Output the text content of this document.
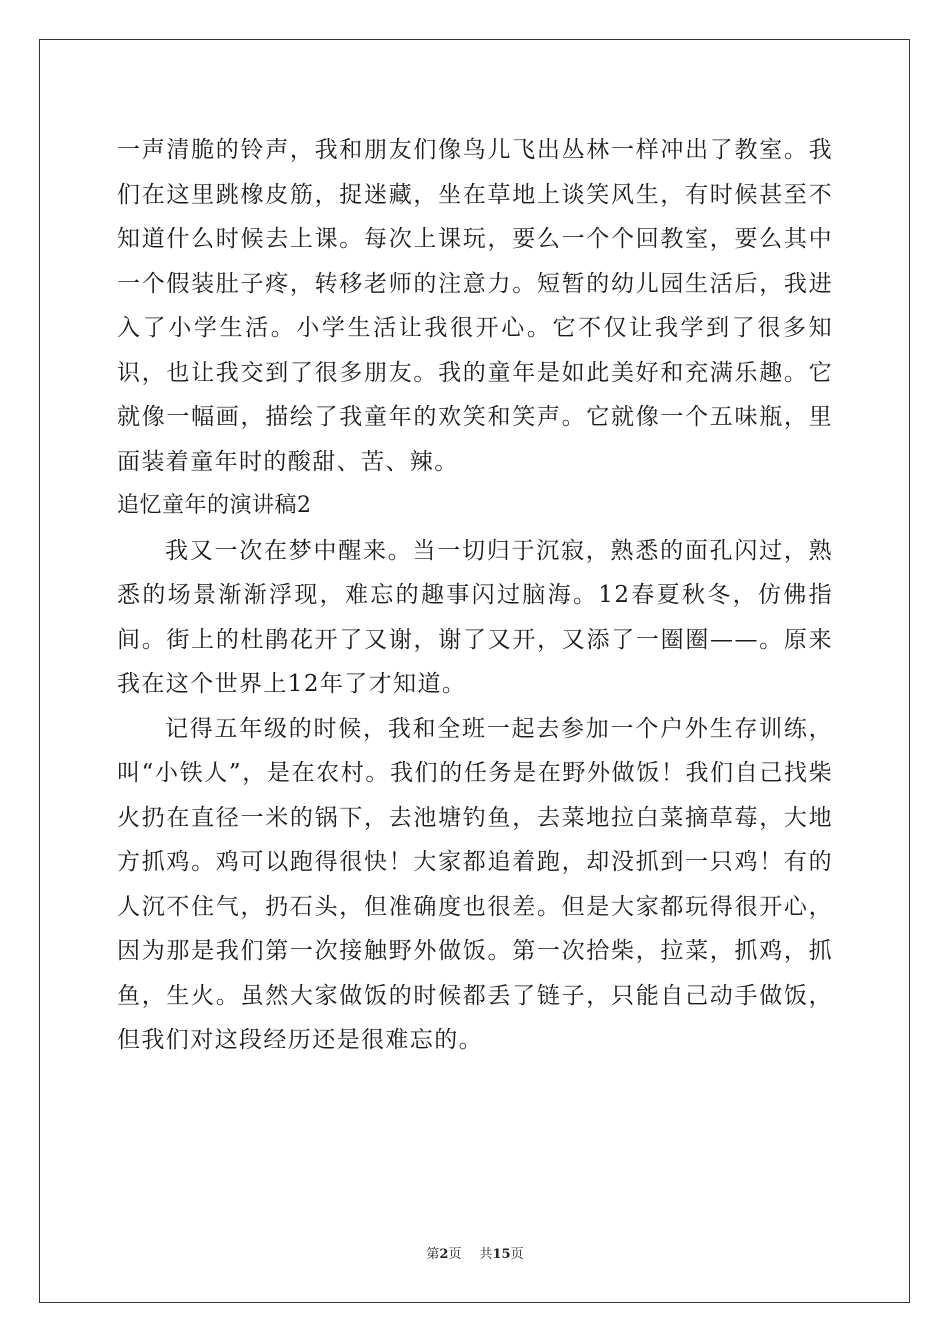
一声清脆的铃声，我和朋友们像鸟儿飞出丛林一样冲出了教室。我们在这里跳橡皮筋，捉迷藏，坐在草地上谈笑风生，有时候甚至不知道什么时候去上课。每次上课玩，要么一个个回教室，要么其中一个假装肚子疼，转移老师的注意力。短暂的幼儿园生活后，我进入了小学生活。小学生活让我很开心。它不仅让我学到了很多知识，也让我交到了很多朋友。我的童年是如此美好和充满乐趣。它就像一幅画，描绘了我童年的欢笑和笑声。它就像一个五味瓶，里面装着童年时的酸甜、苦、辣。

追忆童年的演讲稿2

我又一次在梦中醒来。当一切归于沉寂，熟悉的面孔闪过，熟悉的场景渐渐浮现，难忘的趣事闪过脑海。12春夏秋冬，仿佛指间。街上的杜鹃花开了又谢，谢了又开，又添了一圈圈——。原来我在这个世界上12年了才知道。

记得五年级的时候，我和全班一起去参加一个户外生存训练，叫“小铁人”，是在农村。我们的任务是在野外做饭！我们自己找柴火扔在直径一米的锅下，去池塘钓鱼，去菜地拉白菜摘草莓，大地方抓鸡。鸡可以跑得很快！大家都追着跑，却没抓到一只鸡！有的人沉不住气，扔石头，但准确度也很差。但是大家都玩得很开心，因为那是我们第一次接触野外做饭。第一次拾柴，拉菜，抓鸡，抓鱼，生火。虽然大家做饭的时候都丢了链子，只能自己动手做饭，但我们对这段经历还是很难忘的。

第2页 共15页
